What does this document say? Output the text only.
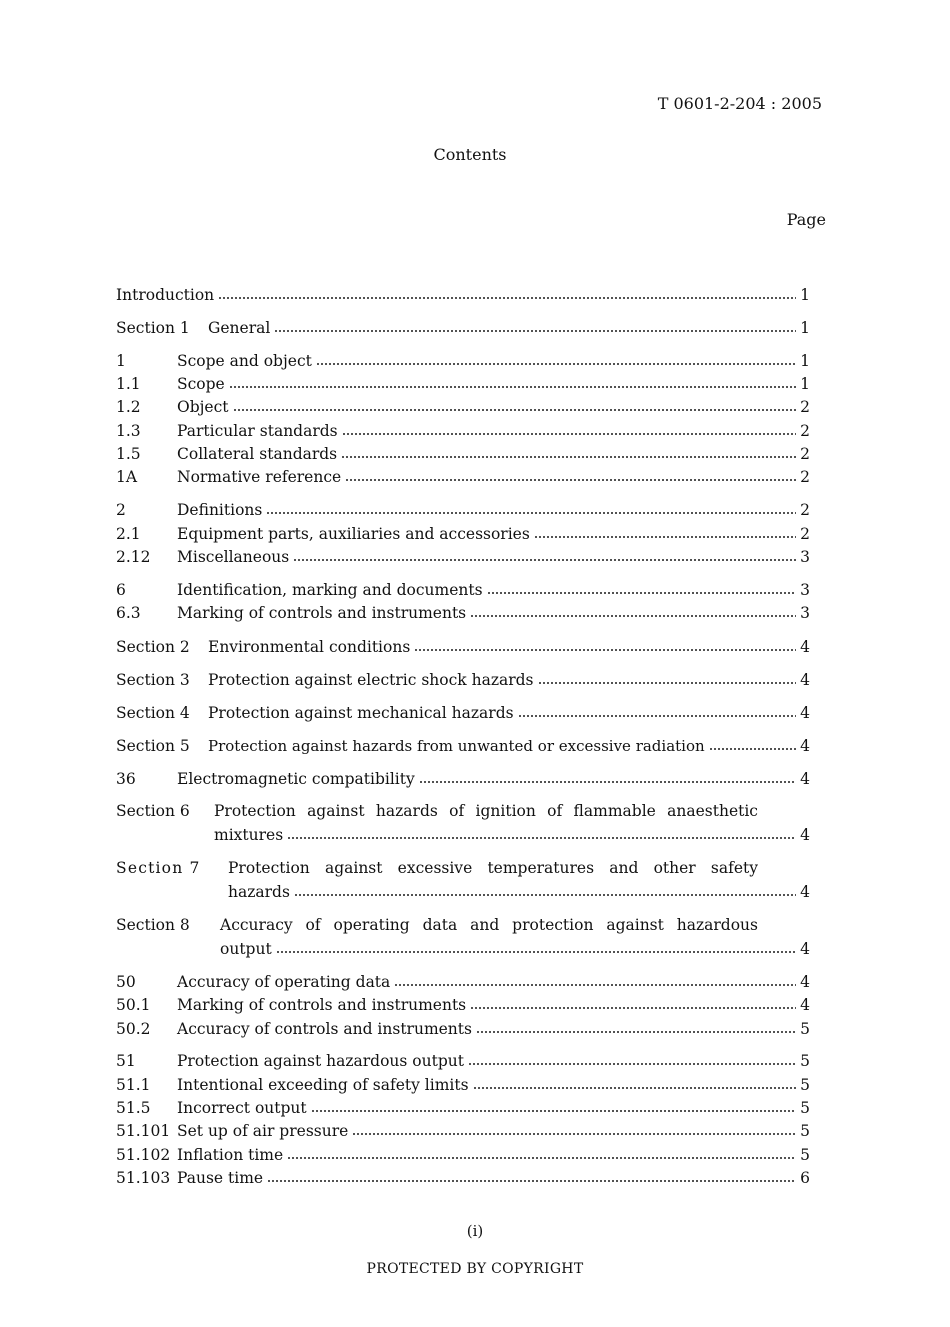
T 0601-2-204 : 2005
Contents
Page
Introduction	1
Section 1	General	1
1	Scope and object	1
1.1	Scope	1
1.2	Object	2
1.3	Particular standards	2
1.5	Collateral standards	2
1A	Normative reference	2
2	Definitions	2
2.1	Equipment parts, auxiliaries and accessories	2
2.12	Miscellaneous	3
6	Identification, marking and documents	3
6.3	Marking of controls and instruments	3
Section 2	Environmental conditions	4
Section 3	Protection against electric shock hazards	4
Section 4	Protection against mechanical hazards	4
Section 5	Protection against hazards from unwanted or excessive radiation	4
36	Electromagnetic compatibility	4
Section 6 Protection against hazards of ignition of flammable anaesthetic
mixtures	4
Section 7 Protection against excessive temperatures and other safety
hazards	4
Section 8 Accuracy of operating data and protection against hazardous
output	4
50	Accuracy of operating data	4
50.1	Marking of controls and instruments	4
50.2	Accuracy of controls and instruments	5
51	Protection against hazardous output	5
51.1	Intentional exceeding of safety limits	5
51.5	Incorrect output	5
51.101 Set up of air pressure	5
51.102 Inflation time	5
51.103 Pause time	6
(i)
PROTECTED BY COPYRIGHT
